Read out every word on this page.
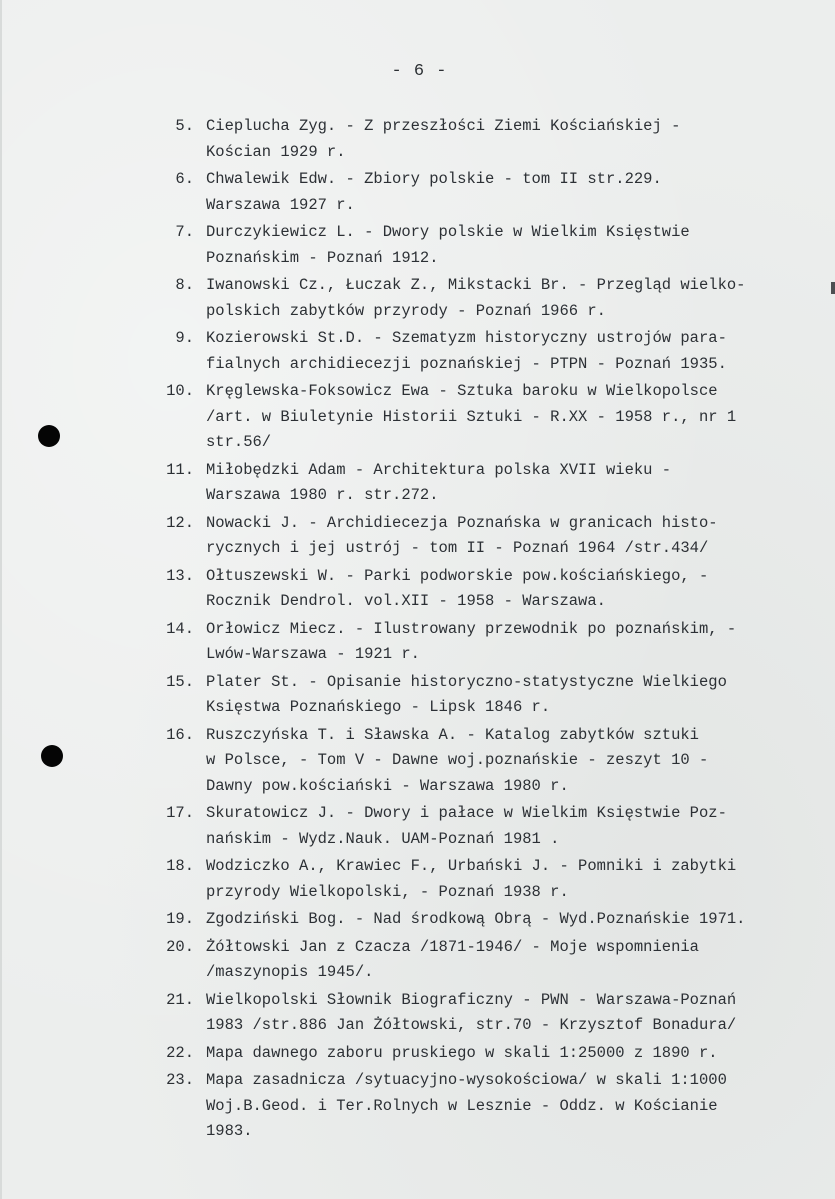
- 6 -
5. Cieplucha Zyg. - Z przeszłości Ziemi Kościańskiej -
Kościan 1929 r.
6. Chwalewik Edw. - Zbiory polskie - tom II str.229.
Warszawa 1927 r.
7. Durczykiewicz L. - Dwory polskie w Wielkim Księstwie
Poznańskim - Poznań 1912.
8. Iwanowski Cz., Łuczak Z., Mikstacki Br. - Przegląd wielko-
polskich zabytków przyrody - Poznań 1966 r.
9. Kozierowski St.D. - Szematyzm historyczny ustrojów para-
fialnych archidiecezji poznańskiej - PTPN - Poznań 1935.
10. Kręglewska-Foksowicz Ewa - Sztuka baroku w Wielkopolsce
/art. w Biuletynie Historii Sztuki - R.XX - 1958 r., nr 1
str.56/
11. Miłobędzki Adam - Architektura polska XVII wieku -
Warszawa 1980 r. str.272.
12. Nowacki J. - Archidiecezja Poznańska w granicach histo-
rycznych i jej ustrój - tom II - Poznań 1964 /str.434/
13. Ołtuszewski W. - Parki podworskie pow.kościańskiego, -
Rocznik Dendrol. vol.XII - 1958 - Warszawa.
14. Orłowicz Miecz. - Ilustrowany przewodnik po poznańskim, -
Lwów-Warszawa - 1921 r.
15. Plater St. - Opisanie historyczno-statystyczne Wielkiego
Księstwa Poznańskiego - Lipsk 1846 r.
16. Ruszczyńska T. i Sławska A. - Katalog zabytków sztuki
w Polsce, - Tom V - Dawne woj.poznańskie - zeszyt 10 -
Dawny pow.kościański - Warszawa 1980 r.
17. Skuratowicz J. - Dwory i pałace w Wielkim Księstwie Poz-
nańskim - Wydz.Nauk. UAM-Poznań 1981 .
18. Wodziczko A., Krawiec F., Urbański J. - Pomniki i zabytki
przyrody Wielkopolski, - Poznań 1938 r.
19. Zgodziński Bog. - Nad środkową Obrą - Wyd.Poznańskie 1971.
20. Żółtowski Jan z Czacza /1871-1946/ - Moje wspomnienia
/maszynopis 1945/.
21. Wielkopolski Słownik Biograficzny - PWN - Warszawa-Poznań
1983 /str.886 Jan Żółtowski, str.70 - Krzysztof Bonadura/
22. Mapa dawnego zaboru pruskiego w skali 1:25000 z 1890 r.
23. Mapa zasadnicza /sytuacyjno-wysokościowa/ w skali 1:1000
Woj.B.Geod. i Ter.Rolnych w Lesznie - Oddz. w Kościanie
1983.
